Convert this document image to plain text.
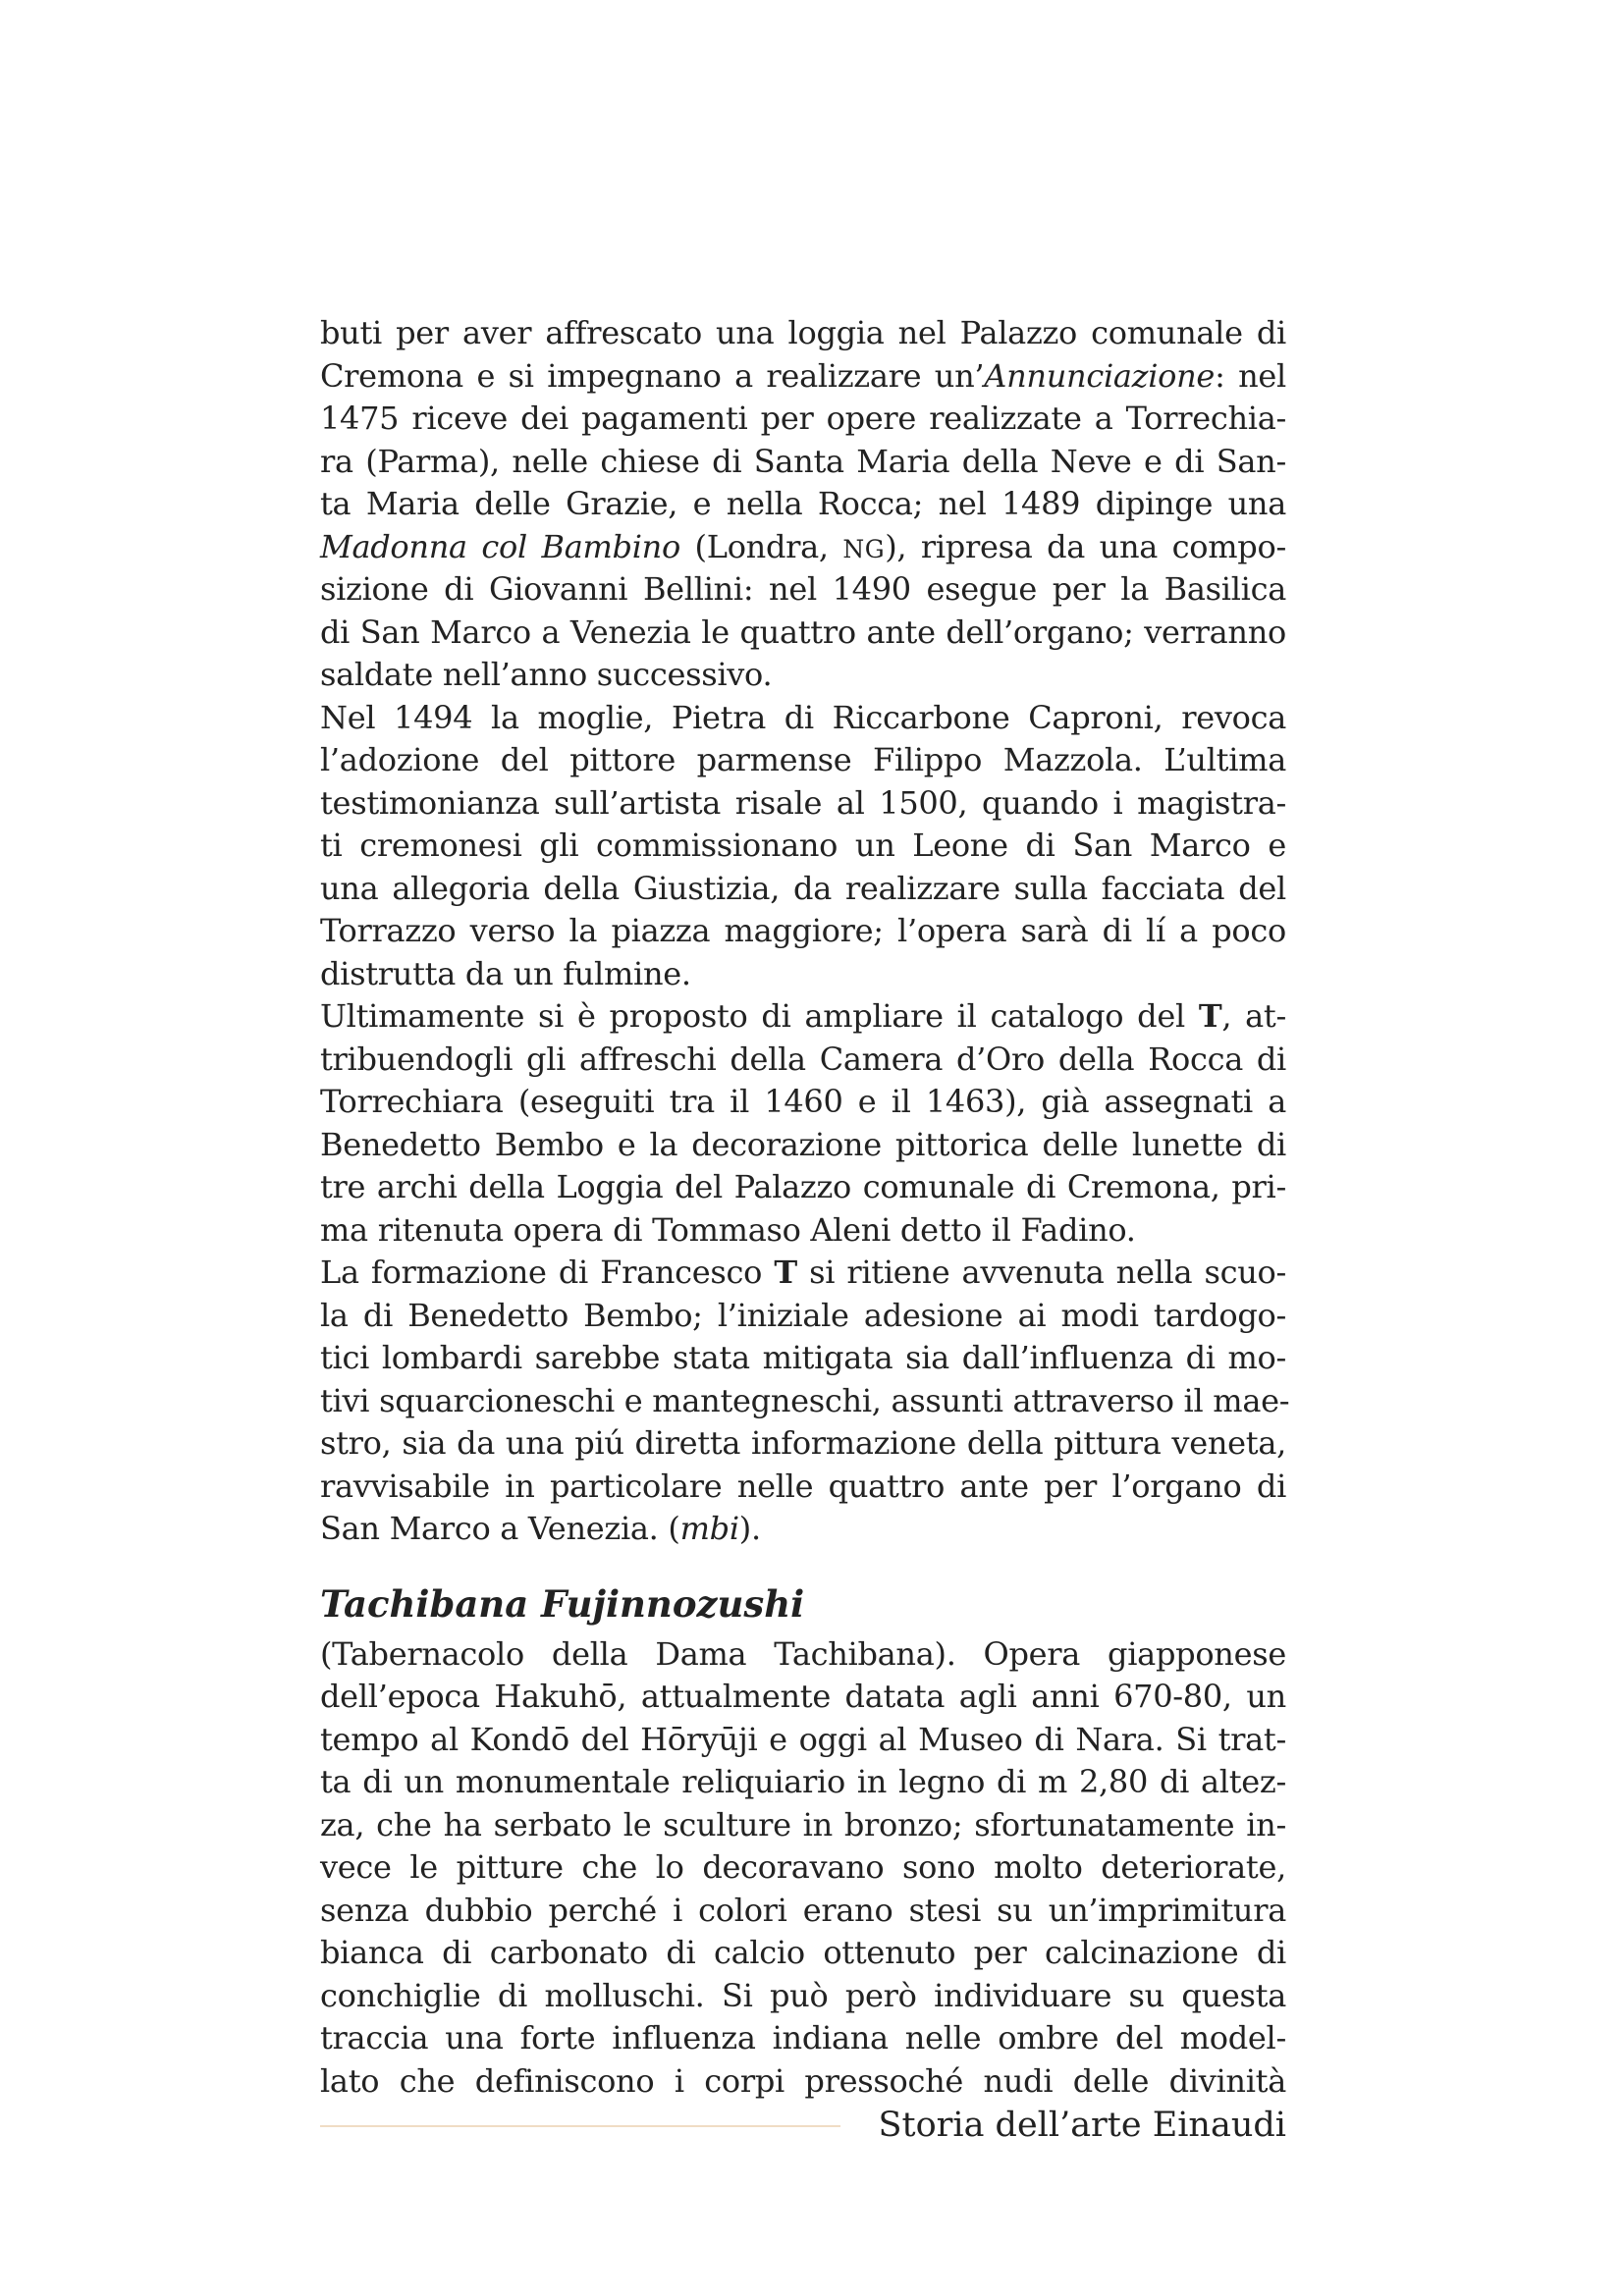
buti per aver affrescato una loggia nel Palazzo comunale di
Cremona e si impegnano a realizzare un’Annunciazione: nel
1475 riceve dei pagamenti per opere realizzate a Torrechia-
ra (Parma), nelle chiese di Santa Maria della Neve e di San-
ta Maria delle Grazie, e nella Rocca; nel 1489 dipinge una
Madonna col Bambino (Londra, NG), ripresa da una compo-
sizione di Giovanni Bellini: nel 1490 esegue per la Basilica
di San Marco a Venezia le quattro ante dell’organo; verranno
saldate nell’anno successivo.
Nel 1494 la moglie, Pietra di Riccarbone Caproni, revoca
l’adozione del pittore parmense Filippo Mazzola. L’ultima
testimonianza sull’artista risale al 1500, quando i magistra-
ti cremonesi gli commissionano un Leone di San Marco e
una allegoria della Giustizia, da realizzare sulla facciata del
Torrazzo verso la piazza maggiore; l’opera sarà di lí a poco
distrutta da un fulmine.
Ultimamente si è proposto di ampliare il catalogo del T, at-
tribuendogli gli affreschi della Camera d’Oro della Rocca di
Torrechiara (eseguiti tra il 1460 e il 1463), già assegnati a
Benedetto Bembo e la decorazione pittorica delle lunette di
tre archi della Loggia del Palazzo comunale di Cremona, pri-
ma ritenuta opera di Tommaso Aleni detto il Fadino.
La formazione di Francesco T si ritiene avvenuta nella scuo-
la di Benedetto Bembo; l’iniziale adesione ai modi tardogo-
tici lombardi sarebbe stata mitigata sia dall’influenza di mo-
tivi squarcioneschi e mantegneschi, assunti attraverso il mae-
stro, sia da una piú diretta informazione della pittura veneta,
ravvisabile in particolare nelle quattro ante per l’organo di
San Marco a Venezia. (mbi).
Tachibana Fujinnozushi
(Tabernacolo della Dama Tachibana). Opera giapponese
dell’epoca Hakuhō, attualmente datata agli anni 670-80, un
tempo al Kondō del Hōryūji e oggi al Museo di Nara. Si trat-
ta di un monumentale reliquiario in legno di m 2,80 di altez-
za, che ha serbato le sculture in bronzo; sfortunatamente in-
vece le pitture che lo decoravano sono molto deteriorate,
senza dubbio perché i colori erano stesi su un’imprimitura
bianca di carbonato di calcio ottenuto per calcinazione di
conchiglie di molluschi. Si può però individuare su questa
traccia una forte influenza indiana nelle ombre del model-
lato che definiscono i corpi pressoché nudi delle divinità
Storia dell’arte Einaudi
